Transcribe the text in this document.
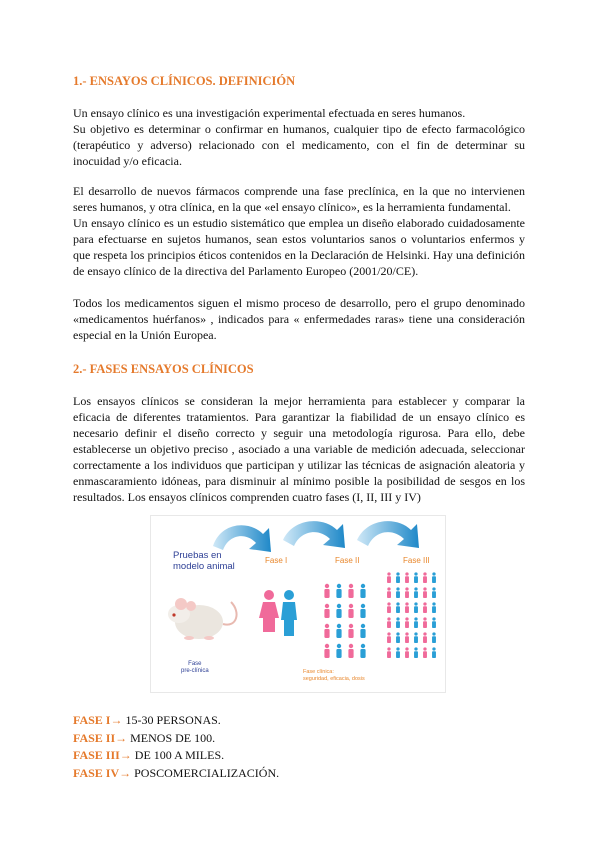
1.- ENSAYOS CLÍNICOS. DEFINICIÓN

Un ensayo clínico es una investigación experimental efectuada en seres humanos.

Su objetivo es determinar o confirmar en humanos, cualquier tipo de efecto farmacológico (terapéutico y adverso) relacionado con el medicamento, con el fin de determinar su inocuidad y/o eficacia.

El desarrollo de nuevos fármacos comprende una fase preclínica, en la que no intervienen seres humanos, y otra clínica, en la que «el ensayo clínico», es la herramienta fundamental.

Un ensayo clínico es un estudio sistemático que emplea un diseño elaborado cuidadosamente para efectuarse en sujetos humanos, sean estos voluntarios sanos o voluntarios enfermos y que respeta los principios éticos contenidos en la Declaración de Helsinki. Hay una definición de ensayo clínico de la directiva del Parlamento Europeo (2001/20/CE).

Todos los medicamentos siguen el mismo proceso de desarrollo, pero el grupo denominado «medicamentos huérfanos» , indicados para « enfermedades raras» tiene una consideración especial en la Unión Europea.

2.- FASES ENSAYOS CLÍNICOS

Los ensayos clínicos se consideran la mejor herramienta para establecer y comparar la eficacia de diferentes tratamientos. Para garantizar la fiabilidad de un ensayo clínico es necesario definir el diseño correcto y seguir una metodología rigurosa. Para ello, debe establecerse un objetivo preciso , asociado a una variable de medición adecuada, seleccionar correctamente a los individuos que participan y utilizar las técnicas de asignación aleatoria y enmascaramiento idóneas, para disminuir al mínimo posible la posibilidad de sesgos en los resultados. Los ensayos clínicos comprenden cuatro fases (I, II, III y IV)

Pruebas en
modelo animal

Fase I	Fase II	Fase III

Fase
pre-clínica	Fase clínica:
seguridad, eficacia, dosis

FASE I→ 15-30 PERSONAS.
FASE II→ MENOS DE 100.
FASE III→ DE 100 A MILES.
FASE IV→ POSCOMERCIALIZACIÓN.
